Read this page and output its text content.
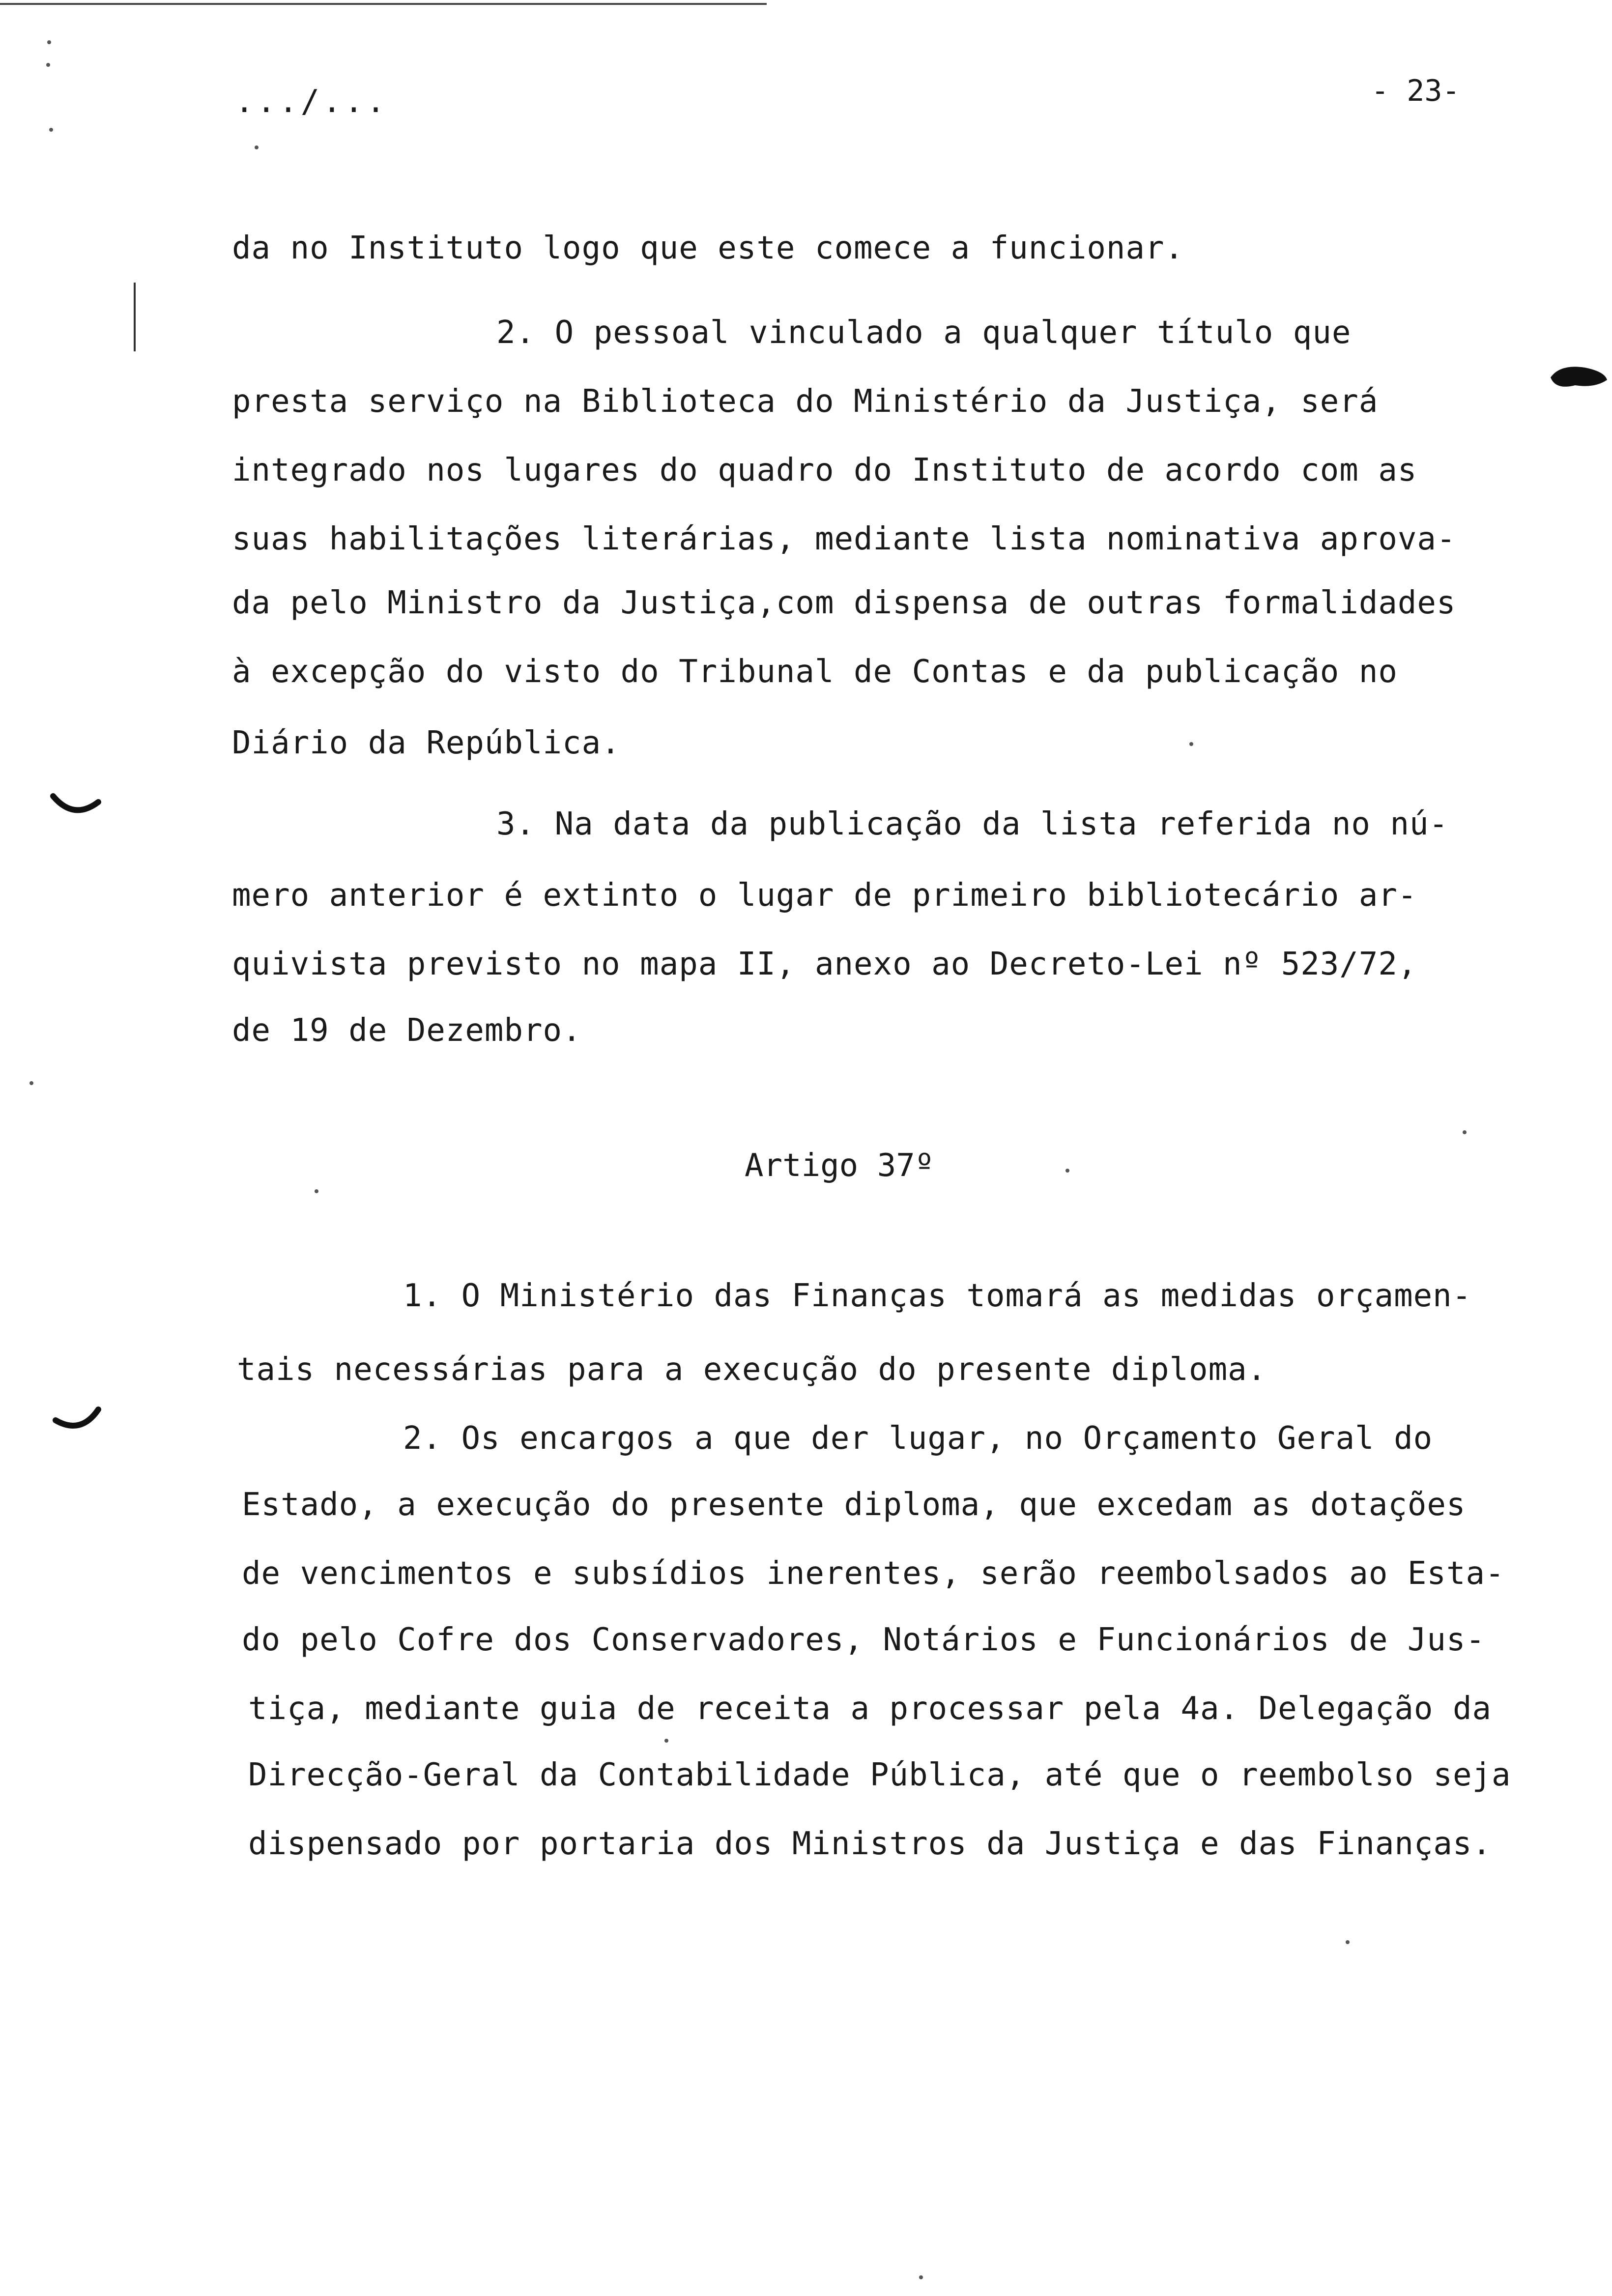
.../...	- 23-
da no Instituto logo que este comece a funcionar.
2. O pessoal vinculado a qualquer título que
presta serviço na Biblioteca do Ministério da Justiça, será
integrado nos lugares do quadro do Instituto de acordo com as
suas habilitações literárias, mediante lista nominativa aprova-
da pelo Ministro da Justiça,com dispensa de outras formalidades
à excepção do visto do Tribunal de Contas e da publicação no
Diário da República.
3. Na data da publicação da lista referida no nú-
mero anterior é extinto o lugar de primeiro bibliotecário ar-
quivista previsto no mapa II, anexo ao Decreto-Lei nº 523/72,
de 19 de Dezembro.
Artigo 37º
1. O Ministério das Finanças tomará as medidas orçamen-
tais necessárias para a execução do presente diploma.
2. Os encargos a que der lugar, no Orçamento Geral do
Estado, a execução do presente diploma, que excedam as dotações
de vencimentos e subsídios inerentes, serão reembolsados ao Esta-
do pelo Cofre dos Conservadores, Notários e Funcionários de Jus-
tiça, mediante guia de receita a processar pela 4a. Delegação da
Direcção-Geral da Contabilidade Pública, até que o reembolso seja
dispensado por portaria dos Ministros da Justiça e das Finanças.
